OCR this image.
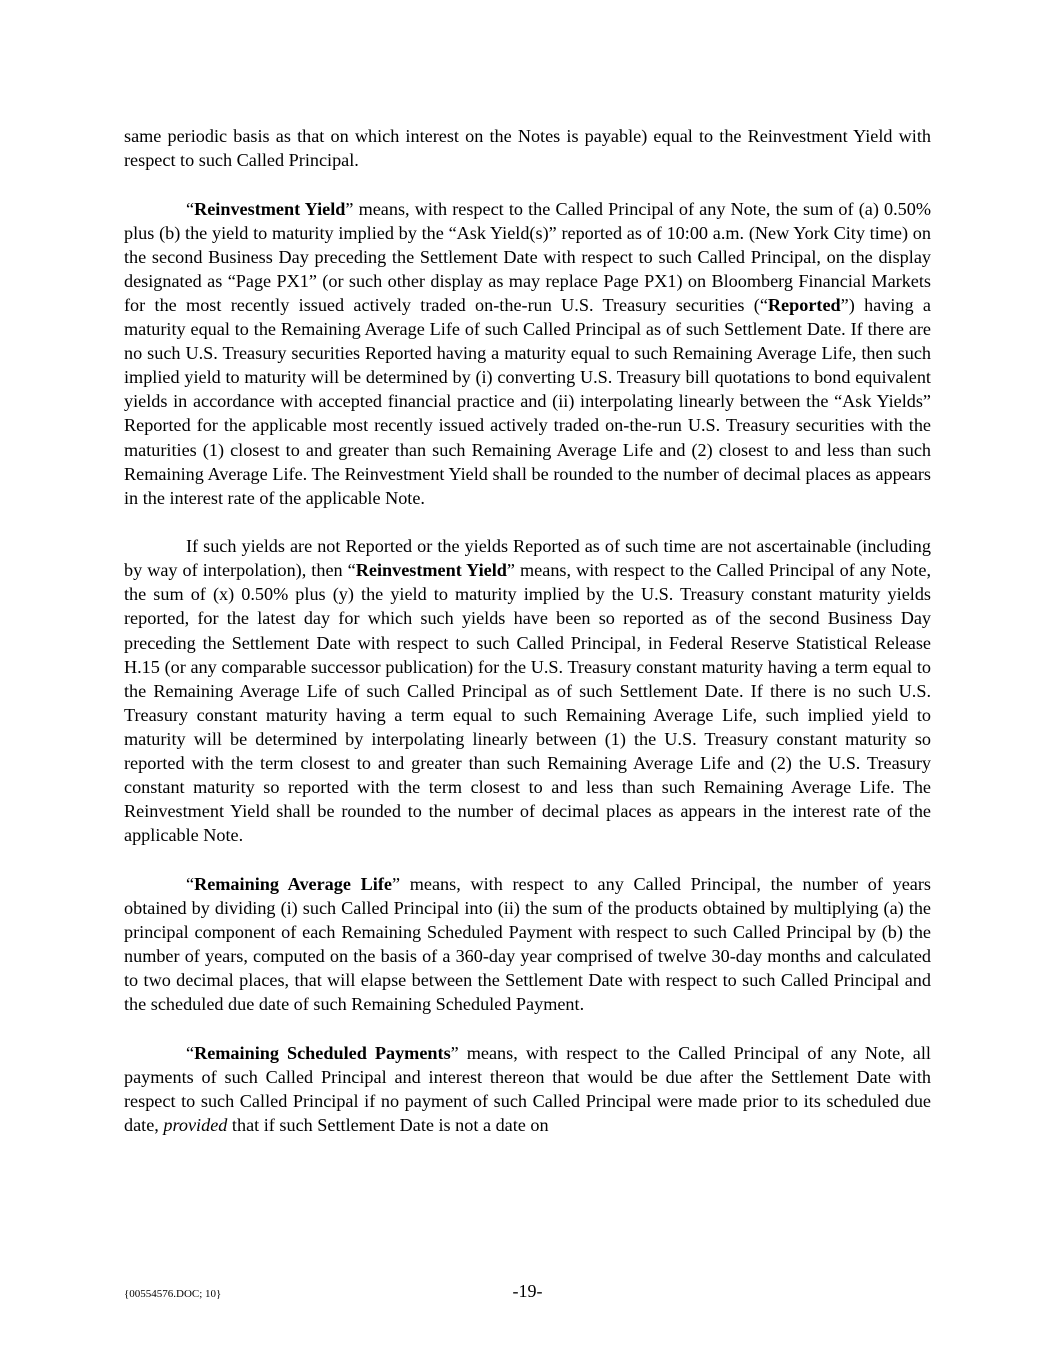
same periodic basis as that on which interest on the Notes is payable) equal to the Reinvestment Yield with respect to such Called Principal.

“Reinvestment Yield” means, with respect to the Called Principal of any Note, the sum of (a) 0.50% plus (b) the yield to maturity implied by the “Ask Yield(s)” reported as of 10:00 a.m. (New York City time) on the second Business Day preceding the Settlement Date with respect to such Called Principal, on the display designated as “Page PX1” (or such other display as may replace Page PX1) on Bloomberg Financial Markets for the most recently issued actively traded on-the-run U.S. Treasury securities (“Reported”) having a maturity equal to the Remaining Average Life of such Called Principal as of such Settlement Date. If there are no such U.S. Treasury securities Reported having a maturity equal to such Remaining Average Life, then such implied yield to maturity will be determined by (i) converting U.S. Treasury bill quotations to bond equivalent yields in accordance with accepted financial practice and (ii) interpolating linearly between the “Ask Yields” Reported for the applicable most recently issued actively traded on-the-run U.S. Treasury securities with the maturities (1) closest to and greater than such Remaining Average Life and (2) closest to and less than such Remaining Average Life. The Reinvestment Yield shall be rounded to the number of decimal places as appears in the interest rate of the applicable Note.

If such yields are not Reported or the yields Reported as of such time are not ascertainable (including by way of interpolation), then “Reinvestment Yield” means, with respect to the Called Principal of any Note, the sum of (x) 0.50% plus (y) the yield to maturity implied by the U.S. Treasury constant maturity yields reported, for the latest day for which such yields have been so reported as of the second Business Day preceding the Settlement Date with respect to such Called Principal, in Federal Reserve Statistical Release H.15 (or any comparable successor publication) for the U.S. Treasury constant maturity having a term equal to the Remaining Average Life of such Called Principal as of such Settlement Date. If there is no such U.S. Treasury constant maturity having a term equal to such Remaining Average Life, such implied yield to maturity will be determined by interpolating linearly between (1) the U.S. Treasury constant maturity so reported with the term closest to and greater than such Remaining Average Life and (2) the U.S. Treasury constant maturity so reported with the term closest to and less than such Remaining Average Life. The Reinvestment Yield shall be rounded to the number of decimal places as appears in the interest rate of the applicable Note.

“Remaining Average Life” means, with respect to any Called Principal, the number of years obtained by dividing (i) such Called Principal into (ii) the sum of the products obtained by multiplying (a) the principal component of each Remaining Scheduled Payment with respect to such Called Principal by (b) the number of years, computed on the basis of a 360-day year comprised of twelve 30-day months and calculated to two decimal places, that will elapse between the Settlement Date with respect to such Called Principal and the scheduled due date of such Remaining Scheduled Payment.

“Remaining Scheduled Payments” means, with respect to the Called Principal of any Note, all payments of such Called Principal and interest thereon that would be due after the Settlement Date with respect to such Called Principal if no payment of such Called Principal were made prior to its scheduled due date, provided that if such Settlement Date is not a date on

{00554576.DOC; 10}	-19-
